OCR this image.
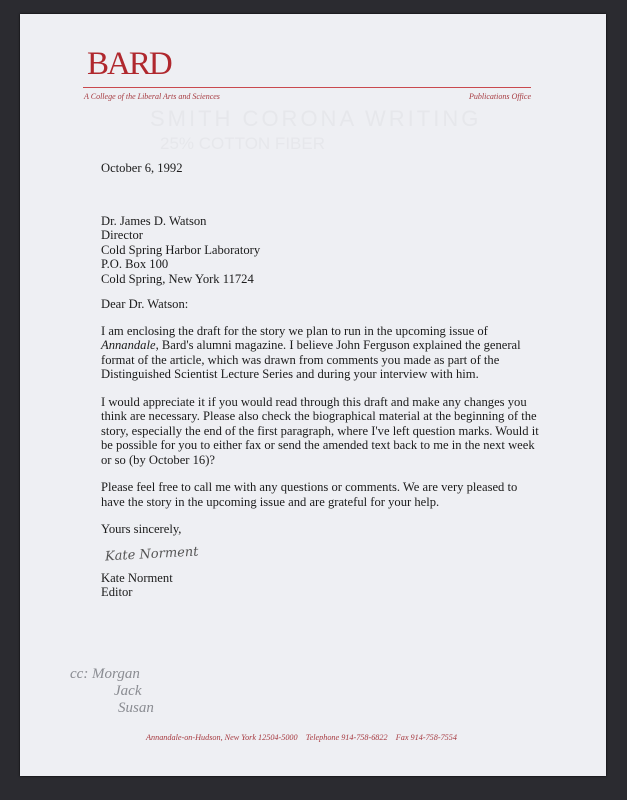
SMITH CORONA WRITING
25% COTTON FIBER
BARD
A College of the Liberal Arts and Sciences	Publications Office
October 6, 1992
Dr. James D. Watson
Director
Cold Spring Harbor Laboratory
P.O. Box 100
Cold Spring, New York 11724
Dear Dr. Watson:

I am enclosing the draft for the story we plan to run in the upcoming issue of Annandale, Bard's alumni magazine. I believe John Ferguson explained the general format of the article, which was drawn from comments you made as part of the Distinguished Scientist Lecture Series and during your interview with him.

I would appreciate it if you would read through this draft and make any changes you think are necessary. Please also check the biographical material at the beginning of the story, especially the end of the first paragraph, where I've left question marks. Would it be possible for you to either fax or send the amended text back to me in the next week or so (by October 16)?

Please feel free to call me with any questions or comments. We are very pleased to have the story in the upcoming issue and are grateful for your help.

Yours sincerely,
Kate Norment
Kate Norment
Editor
cc: Morgan
Jack
Susan
Annandale-on-Hudson, New York 12504-5000    Telephone 914-758-6822    Fax 914-758-7554
